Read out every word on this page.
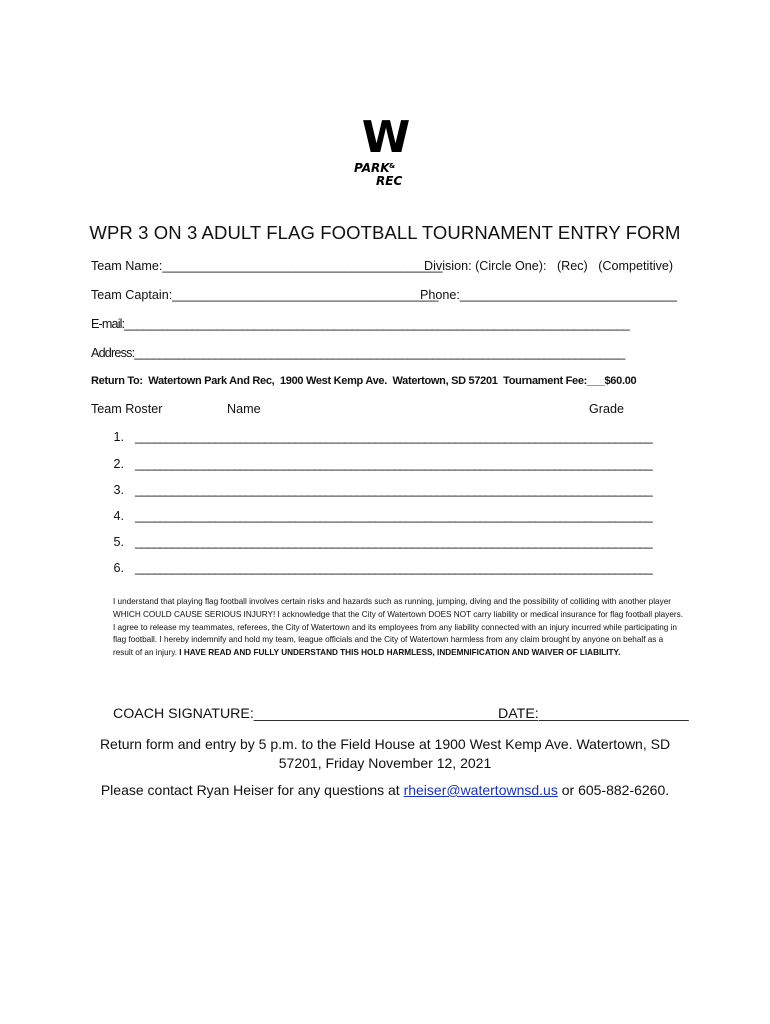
W
PARK &
REC
WPR 3 ON 3 ADULT FLAG FOOTBALL TOURNAMENT ENTRY FORM
Team Name:________________________________________
Division: (Circle One):   (Rec)   (Competitive)
Team Captain:______________________________________
Phone:_______________________________
E-mail:__________________________________________________________________________________
Address:_______________________________________________________________________________
Return To:  Watertown Park And Rec,  1900 West Kemp Ave.  Watertown, SD 57201  Tournament Fee:___$60.00
Team Roster	Name	Grade
1. ____________________________________________________________________________________
2. ____________________________________________________________________________________
3. ____________________________________________________________________________________
4. ____________________________________________________________________________________
5. ____________________________________________________________________________________
6. ____________________________________________________________________________________
I understand that playing flag football involves certain risks and hazards such as running, jumping, diving and the possibility of colliding with another player WHICH COULD CAUSE SERIOUS INJURY! I acknowledge that the City of Watertown DOES NOT carry liability or medical insurance for flag football players. I agree to release my teammates, referees, the City of Watertown and its employees from any liability connected with an injury incurred while participating in flag football. I hereby indemnify and hold my team, league officials and the City of Watertown harmless from any claim brought by anyone on behalf as a result of an injury. I HAVE READ AND FULLY UNDERSTAND THIS HOLD HARMLESS, INDEMNIFICATION AND WAIVER OF LIABILITY.
COACH SIGNATURE:____________________________________
DATE:___________________
Return form and entry by 5 p.m. to the Field House at 1900 West Kemp Ave. Watertown, SD 57201, Friday November 12, 2021
Please contact Ryan Heiser for any questions at rheiser@watertownsd.us or 605-882-6260.
